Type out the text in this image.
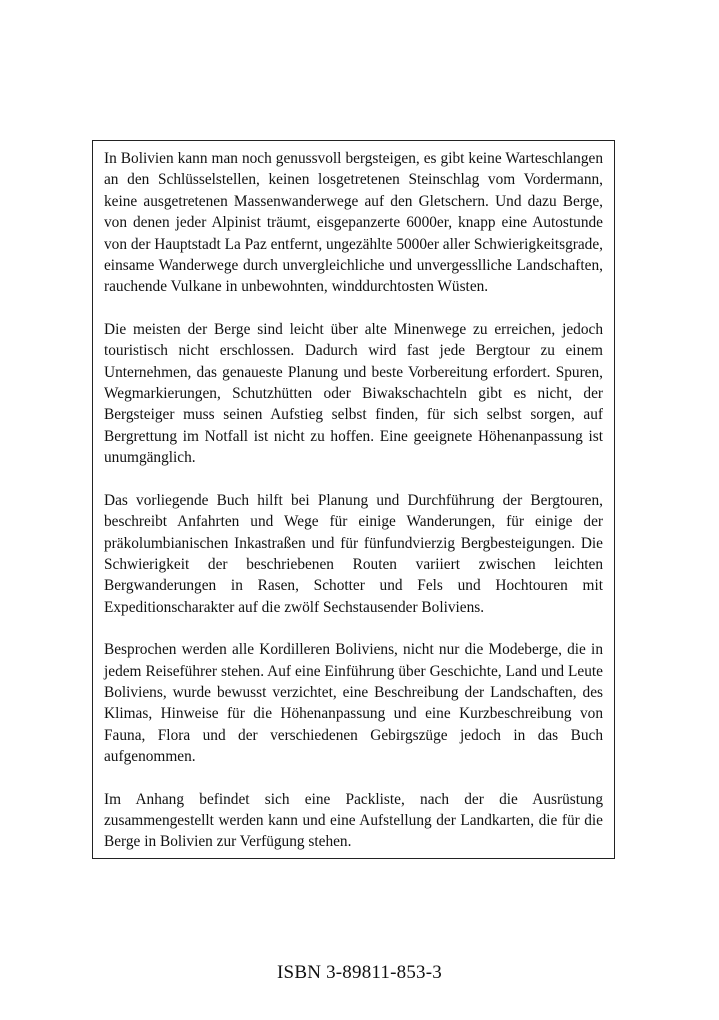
In Bolivien kann man noch genussvoll bergsteigen, es gibt keine Warteschlangen an den Schlüsselstellen, keinen losgetretenen Steinschlag vom Vordermann, keine ausgetretenen Massenwanderwege auf den Gletschern. Und dazu Berge, von denen jeder Alpinist träumt, eisgepanzerte 6000er, knapp eine Autostunde von der Hauptstadt La Paz entfernt, ungezählte 5000er aller Schwierigkeitsgrade, einsame Wanderwege durch unvergleichliche und unvergesslliche Landschaften, rauchende Vulkane in unbewohnten, winddurchtosten Wüsten.

Die meisten der Berge sind leicht über alte Minenwege zu erreichen, jedoch touristisch nicht erschlossen. Dadurch wird fast jede Bergtour zu einem Unternehmen, das genaueste Planung und beste Vorbereitung erfordert. Spuren, Wegmarkierungen, Schutzhütten oder Biwakschachteln gibt es nicht, der Bergsteiger muss seinen Aufstieg selbst finden, für sich selbst sorgen, auf Bergrettung im Notfall ist nicht zu hoffen. Eine geeignete Höhenanpassung ist unumgänglich.

Das vorliegende Buch hilft bei Planung und Durchführung der Bergtouren, beschreibt Anfahrten und Wege für einige Wanderungen, für einige der präkolumbianischen Inkastraßen und für fünfundvierzig Bergbesteigungen. Die Schwierigkeit der beschriebenen Routen variiert zwischen leichten Bergwanderungen in Rasen, Schotter und Fels und Hochtouren mit Expeditionscharakter auf die zwölf Sechstausender Boliviens.

Besprochen werden alle Kordilleren Boliviens, nicht nur die Modeberge, die in jedem Reiseführer stehen. Auf eine Einführung über Geschichte, Land und Leute Boliviens, wurde bewusst verzichtet, eine Beschreibung der Landschaften, des Klimas, Hinweise für die Höhenanpassung und eine Kurzbeschreibung von Fauna, Flora und der verschiedenen Gebirgszüge jedoch in das Buch aufgenommen.

Im Anhang befindet sich eine Packliste, nach der die Ausrüstung zusammengestellt werden kann und eine Aufstellung der Landkarten, die für die Berge in Bolivien zur Verfügung stehen.

ISBN 3-89811-853-3
